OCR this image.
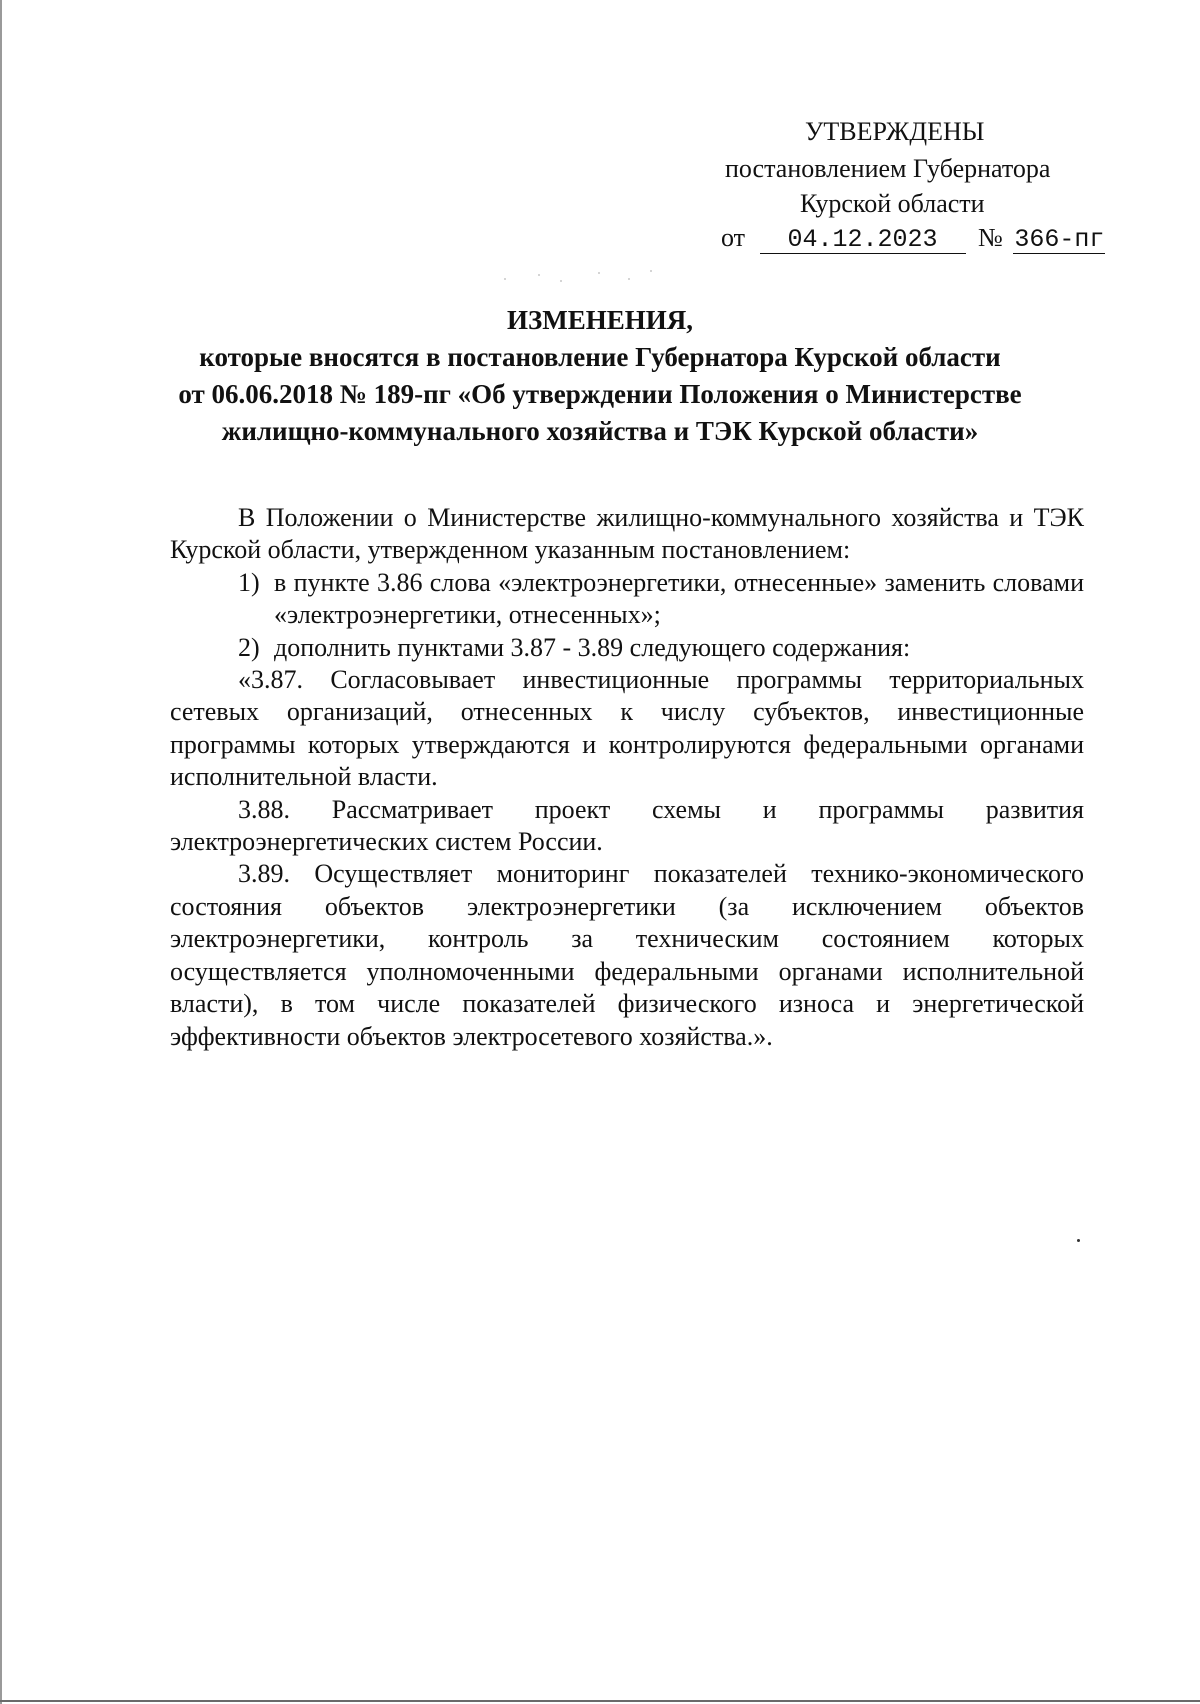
УТВЕРЖДЕНЫ
постановлением Губернатора
Курской области
от 04.12.2023 № 366-пг
ИЗМЕНЕНИЯ,
которые вносятся в постановление Губернатора Курской области
от 06.06.2018 № 189-пг «Об утверждении Положения о Министерстве
жилищно-коммунального хозяйства и ТЭК Курской области»

В Положении о Министерстве жилищно-коммунального хозяйства и ТЭК Курской области, утвержденном указанным постановлением:

1) в пункте 3.86 слова «электроэнергетики, отнесенные» заменить словами «электроэнергетики, отнесенных»;
2) дополнить пунктами 3.87 - 3.89 следующего содержания:

«3.87. Согласовывает инвестиционные программы территориальных сетевых организаций, отнесенных к числу субъектов, инвестиционные программы которых утверждаются и контролируются федеральными органами исполнительной власти.

3.88. Рассматривает проект схемы и программы развития электроэнергетических систем России.

3.89. Осуществляет мониторинг показателей технико-экономического состояния объектов электроэнергетики (за исключением объектов электроэнергетики, контроль за техническим состоянием которых осуществляется уполномоченными федеральными органами исполнительной власти), в том числе показателей физического износа и энергетической эффективности объектов электросетевого хозяйства.».
